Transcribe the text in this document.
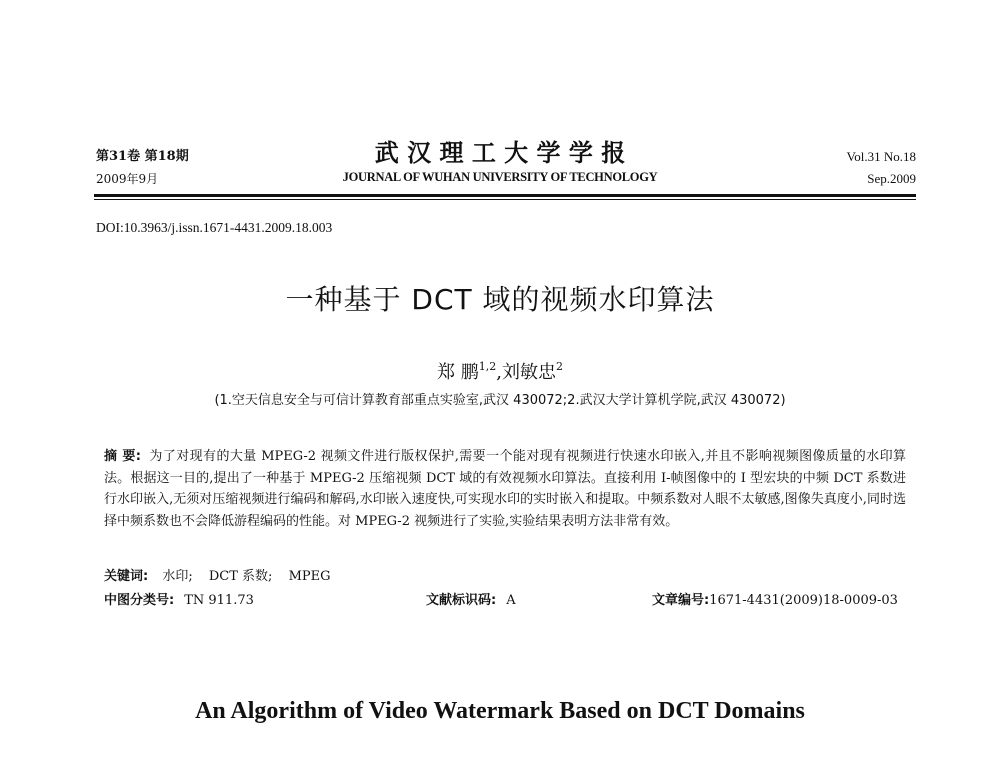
第31卷 第18期
2009年9月
武 汉 理 工 大 学 学 报
JOURNAL OF WUHAN UNIVERSITY OF TECHNOLOGY
Vol.31 No.18
Sep.2009
DOI:10.3963/j.issn.1671-4431.2009.18.003
一种基于 DCT 域的视频水印算法
郑 鹏$^{1,2}$,刘敏忠$^2$
(1.空天信息安全与可信计算教育部重点实验室,武汉 430072;2.武汉大学计算机学院,武汉 430072)
摘 要: 为了对现有的大量 MPEG-2 视频文件进行版权保护,需要一个能对现有视频进行快速水印嵌入,并且不影响视频图像质量的水印算法。根据这一目的,提出了一种基于 MPEG-2 压缩视频 DCT 域的有效视频水印算法。直接利用 I-帧图像中的 I 型宏块的中频 DCT 系数进行水印嵌入,无须对压缩视频进行编码和解码,水印嵌入速度快,可实现水印的实时嵌入和提取。中频系数对人眼不太敏感,图像失真度小,同时选择中频系数也不会降低游程编码的性能。对 MPEG-2 视频进行了实验,实验结果表明方法非常有效。
关键词: 水印; DCT 系数; MPEG
中图分类号: TN 911.73	文献标识码: A	文章编号:1671-4431(2009)18-0009-03
An Algorithm of Video Watermark Based on DCT Domains
